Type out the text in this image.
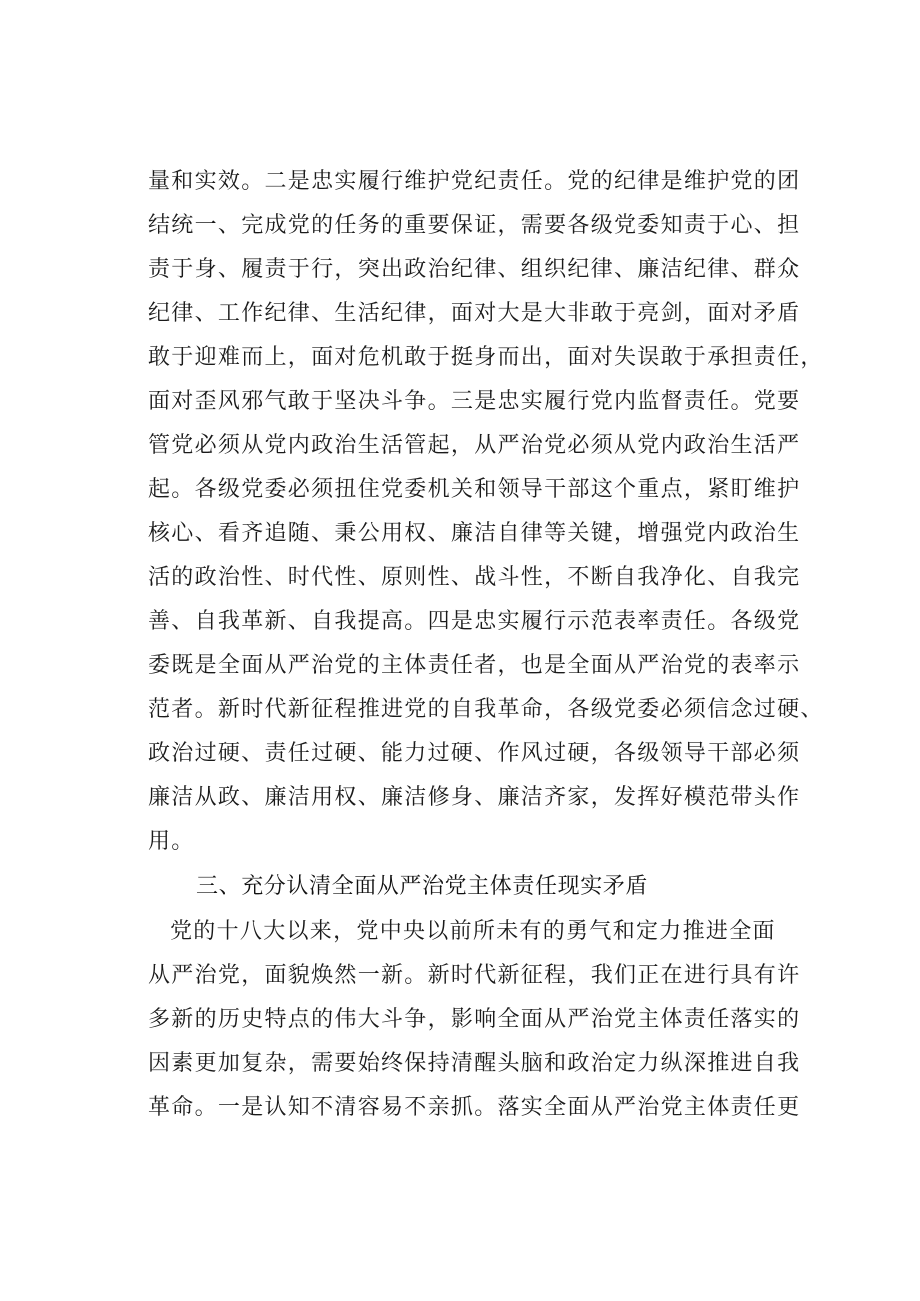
量和实效。二是忠实履行维护党纪责任。党的纪律是维护党的团
结统一、完成党的任务的重要保证，需要各级党委知责于心、担
责于身、履责于行，突出政治纪律、组织纪律、廉洁纪律、群众
纪律、工作纪律、生活纪律，面对大是大非敢于亮剑，面对矛盾
敢于迎难而上，面对危机敢于挺身而出，面对失误敢于承担责任，
面对歪风邪气敢于坚决斗争。三是忠实履行党内监督责任。党要
管党必须从党内政治生活管起，从严治党必须从党内政治生活严
起。各级党委必须扭住党委机关和领导干部这个重点，紧盯维护
核心、看齐追随、秉公用权、廉洁自律等关键，增强党内政治生
活的政治性、时代性、原则性、战斗性，不断自我净化、自我完
善、自我革新、自我提高。四是忠实履行示范表率责任。各级党
委既是全面从严治党的主体责任者，也是全面从严治党的表率示
范者。新时代新征程推进党的自我革命，各级党委必须信念过硬、
政治过硬、责任过硬、能力过硬、作风过硬，各级领导干部必须
廉洁从政、廉洁用权、廉洁修身、廉洁齐家，发挥好模范带头作
用。
三、充分认清全面从严治党主体责任现实矛盾
党的十八大以来，党中央以前所未有的勇气和定力推进全面
从严治党，面貌焕然一新。新时代新征程，我们正在进行具有许
多新的历史特点的伟大斗争，影响全面从严治党主体责任落实的
因素更加复杂，需要始终保持清醒头脑和政治定力纵深推进自我
革命。一是认知不清容易不亲抓。落实全面从严治党主体责任更
